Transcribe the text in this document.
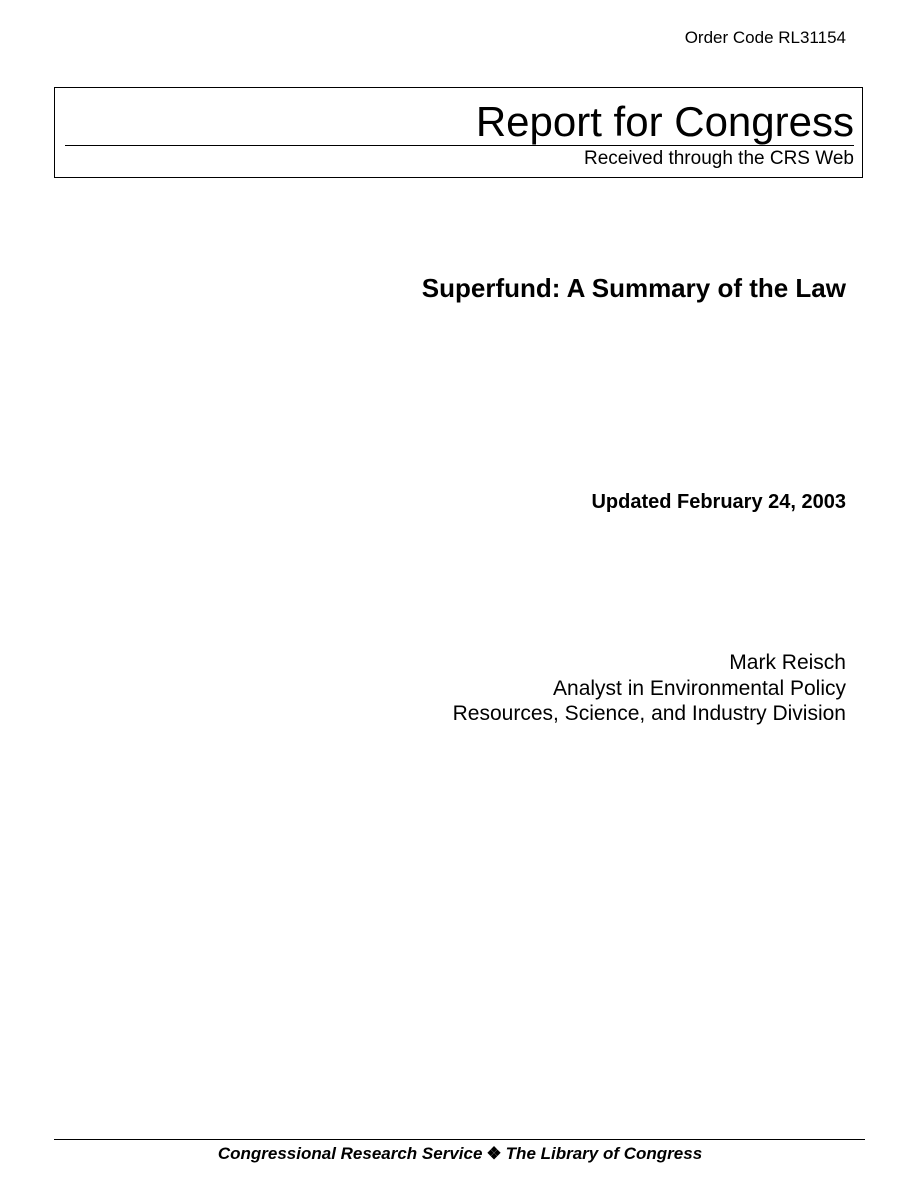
Order Code RL31154
Report for Congress
Received through the CRS Web
Superfund: A Summary of the Law
Updated February 24, 2003
Mark Reisch
Analyst in Environmental Policy
Resources, Science, and Industry Division
Congressional Research Service ❖ The Library of Congress
